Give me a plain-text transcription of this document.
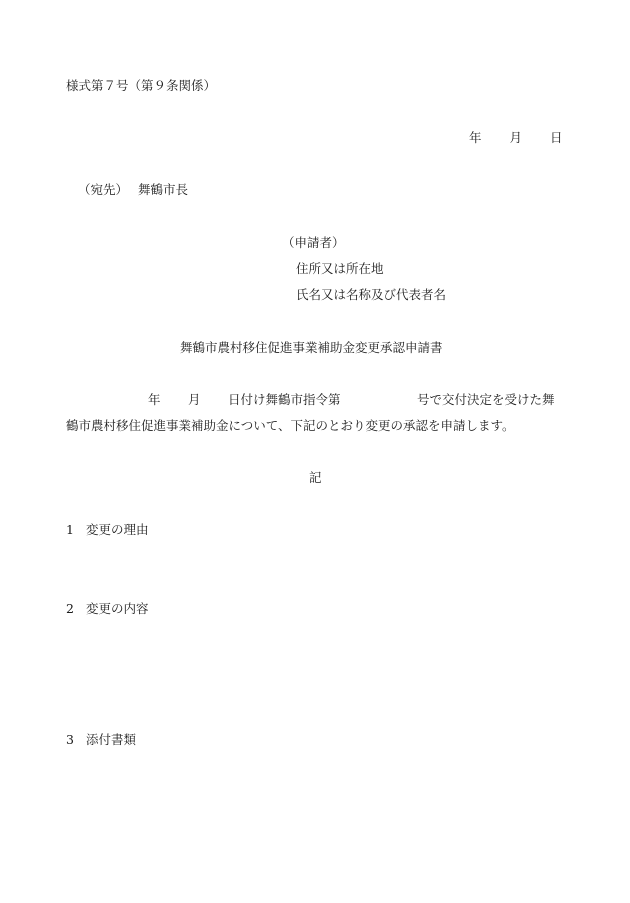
様式第７号（第９条関係）
年 月 日
（宛先） 舞鶴市長
（申請者）
住所又は所在地
氏名又は名称及び代表者名
舞鶴市農村移住促進事業補助金変更承認申請書
年 月 日付け舞鶴市指令第	号で交付決定を受けた舞
鶴市農村移住促進事業補助金について、下記のとおり変更の承認を申請します。
記
1 変更の理由
2 変更の内容
3 添付書類
